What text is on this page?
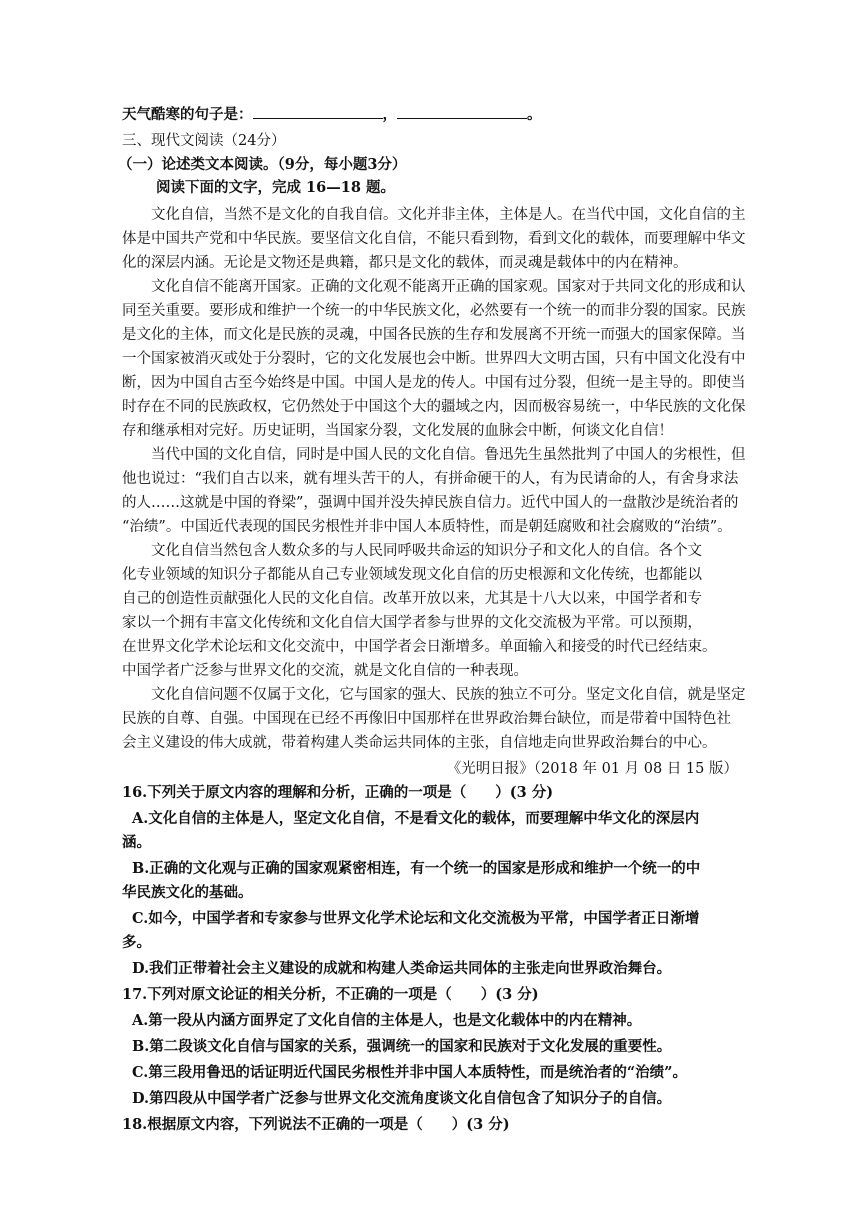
天气酷寒的句子是：	，	。

三、现代文阅读（24分）

（一）论述类文本阅读。（9分，每小题3分）

阅读下面的文字，完成 16—18 题。

文化自信，当然不是文化的自我自信。文化并非主体，主体是人。在当代中国，文化自信的主

体是中国共产党和中华民族。要坚信文化自信，不能只看到物，看到文化的载体，而要理解中华文

化的深层内涵。无论是文物还是典籍，都只是文化的载体，而灵魂是载体中的内在精神。

文化自信不能离开国家。正确的文化观不能离开正确的国家观。国家对于共同文化的形成和认

同至关重要。要形成和维护一个统一的中华民族文化，必然要有一个统一的而非分裂的国家。民族

是文化的主体，而文化是民族的灵魂，中国各民族的生存和发展离不开统一而强大的国家保障。当

一个国家被消灭或处于分裂时，它的文化发展也会中断。世界四大文明古国，只有中国文化没有中

断，因为中国自古至今始终是中国。中国人是龙的传人。中国有过分裂，但统一是主导的。即使当

时存在不同的民族政权，它仍然处于中国这个大的疆域之内，因而极容易统一，中华民族的文化保

存和继承相对完好。历史证明，当国家分裂，文化发展的血脉会中断，何谈文化自信！

当代中国的文化自信，同时是中国人民的文化自信。鲁迅先生虽然批判了中国人的劣根性，但

他也说过：“我们自古以来，就有埋头苦干的人，有拼命硬干的人，有为民请命的人，有舍身求法

的人……这就是中国的脊梁”，强调中国并没失掉民族自信力。近代中国人的一盘散沙是统治者的

“治绩”。中国近代表现的国民劣根性并非中国人本质特性，而是朝廷腐败和社会腐败的“治绩”。

文化自信当然包含人数众多的与人民同呼吸共命运的知识分子和文化人的自信。各个文

化专业领域的知识分子都能从自己专业领域发现文化自信的历史根源和文化传统，也都能以

自己的创造性贡献强化人民的文化自信。改革开放以来，尤其是十八大以来，中国学者和专

家以一个拥有丰富文化传统和文化自信大国学者参与世界的文化交流极为平常。可以预期，

在世界文化学术论坛和文化交流中，中国学者会日渐增多。单面输入和接受的时代已经结束。

中国学者广泛参与世界文化的交流，就是文化自信的一种表现。

文化自信问题不仅属于文化，它与国家的强大、民族的独立不可分。坚定文化自信，就是坚定

民族的自尊、自强。中国现在已经不再像旧中国那样在世界政治舞台缺位，而是带着中国特色社

会主义建设的伟大成就，带着构建人类命运共同体的主张，自信地走向世界政治舞台的中心。

《光明日报》（2018 年 01 月 08 日 15 版）

16.下列关于原文内容的理解和分析，正确的一项是（　　）(3 分)

A.文化自信的主体是人，坚定文化自信，不是看文化的载体，而要理解中华文化的深层内

涵。

B.正确的文化观与正确的国家观紧密相连，有一个统一的国家是形成和维护一个统一的中

华民族文化的基础。

C.如今，中国学者和专家参与世界文化学术论坛和文化交流极为平常，中国学者正日渐增

多。

D.我们正带着社会主义建设的成就和构建人类命运共同体的主张走向世界政治舞台。

17.下列对原文论证的相关分析，不正确的一项是（　　）(3 分)

A.第一段从内涵方面界定了文化自信的主体是人，也是文化载体中的内在精神。

B.第二段谈文化自信与国家的关系，强调统一的国家和民族对于文化发展的重要性。

C.第三段用鲁迅的话证明近代国民劣根性并非中国人本质特性，而是统治者的“治绩”。

D.第四段从中国学者广泛参与世界文化交流角度谈文化自信包含了知识分子的自信。

18.根据原文内容，下列说法不正确的一项是（　　）(3 分)
